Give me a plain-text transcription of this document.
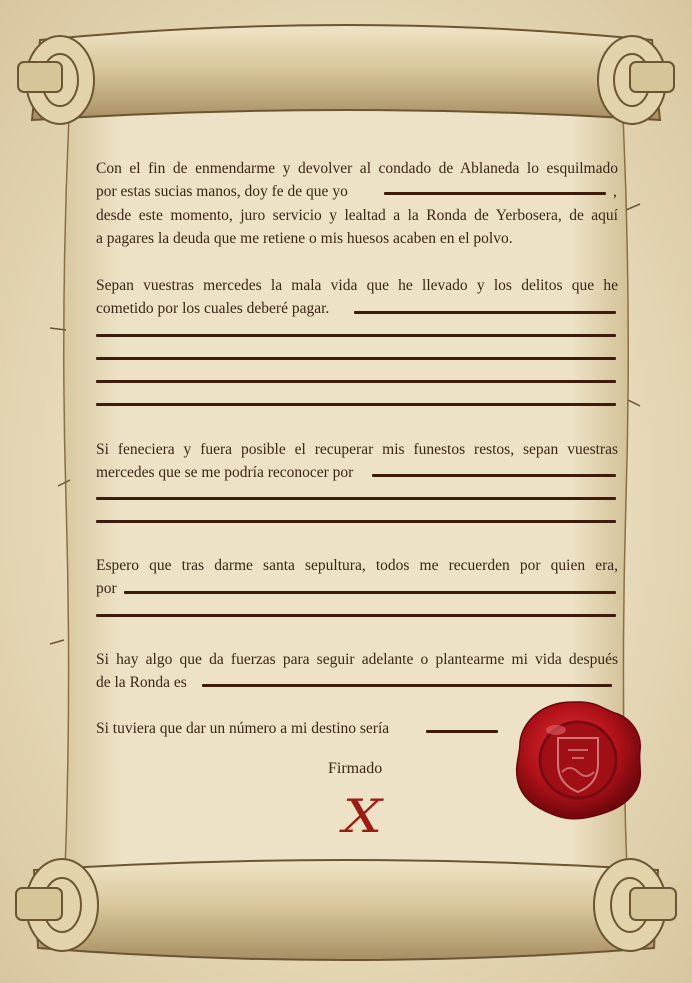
Con el fin de enmendarme y devolver al condado de Ablaneda lo esquilmado
por estas sucias manos, doy fe de que yo	,
desde este momento, juro servicio y lealtad a la Ronda de Yerbosera, de aquí
a pagares la deuda que me retiene o mis huesos acaben en el polvo.
Sepan vuestras mercedes la mala vida que he llevado y los delitos que he
cometido por los cuales deberé pagar.
Si feneciera y fuera posible el recuperar mis funestos restos, sepan vuestras
mercedes que se me podría reconocer por
Espero que tras darme santa sepultura, todos me recuerden por quien era,
por
Si hay algo que da fuerzas para seguir adelante o plantearme mi vida después
de la Ronda es
Si tuviera que dar un número a mi destino sería
Firmado
X
